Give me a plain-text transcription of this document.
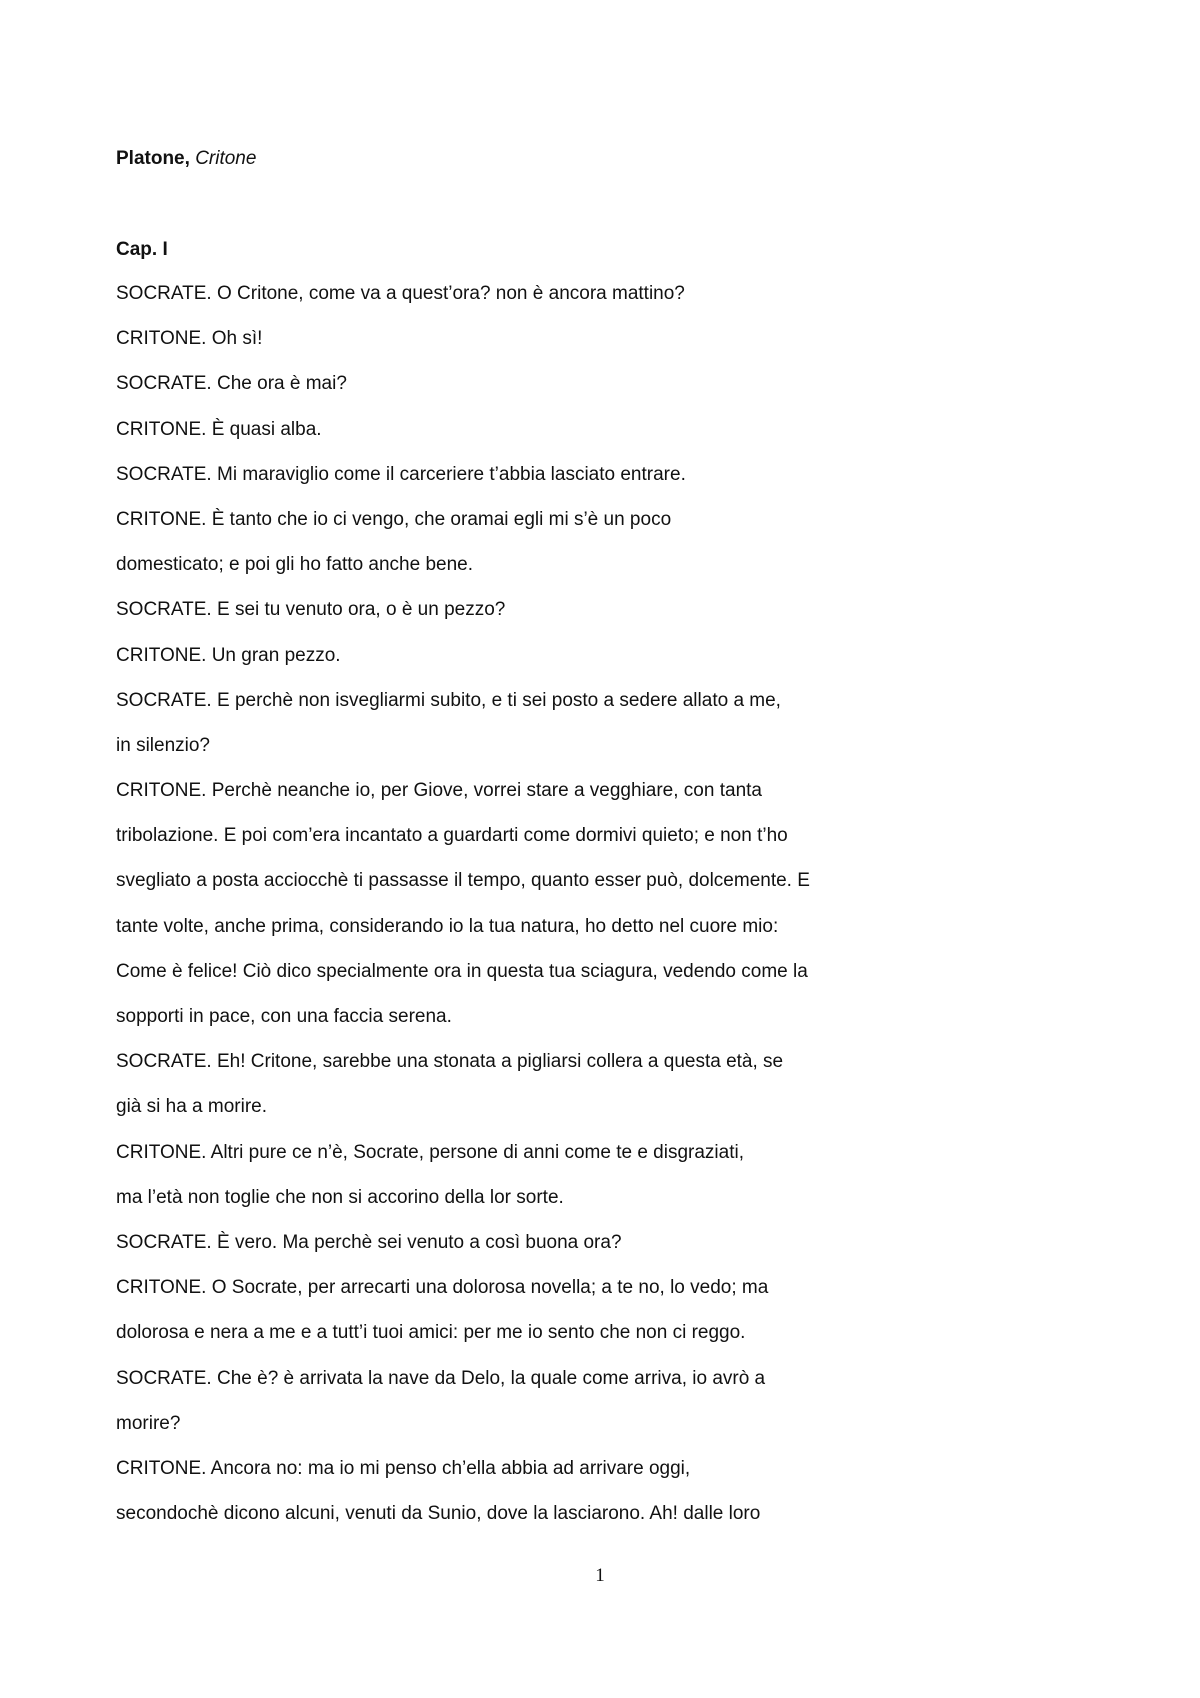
Platone, Critone
Cap. I
SOCRATE. O Critone, come va a quest’ora? non è ancora mattino?
CRITONE. Oh sì!
SOCRATE. Che ora è mai?
CRITONE. È quasi alba.
SOCRATE. Mi maraviglio come il carceriere t’abbia lasciato entrare.
CRITONE. È tanto che io ci vengo, che oramai egli mi s’è un poco
domesticato; e poi gli ho fatto anche bene.
SOCRATE. E sei tu venuto ora, o è un pezzo?
CRITONE. Un gran pezzo.
SOCRATE. E perchè non isvegliarmi subito, e ti sei posto a sedere allato a me,
in silenzio?
CRITONE. Perchè neanche io, per Giove, vorrei stare a vegghiare, con tanta
tribolazione. E poi com’era incantato a guardarti come dormivi quieto; e non t’ho
svegliato a posta acciocchè ti passasse il tempo, quanto esser può, dolcemente. E
tante volte, anche prima, considerando io la tua natura, ho detto nel cuore mio:
Come è felice! Ciò dico specialmente ora in questa tua sciagura, vedendo come la
sopporti in pace, con una faccia serena.
SOCRATE. Eh! Critone, sarebbe una stonata a pigliarsi collera a questa età, se
già si ha a morire.
CRITONE. Altri pure ce n’è, Socrate, persone di anni come te e disgraziati,
ma l’età non toglie che non si accorino della lor sorte.
SOCRATE. È vero. Ma perchè sei venuto a così buona ora?
CRITONE. O Socrate, per arrecarti una dolorosa novella; a te no, lo vedo; ma
dolorosa e nera a me e a tutt’i tuoi amici: per me io sento che non ci reggo.
SOCRATE. Che è? è arrivata la nave da Delo, la quale come arriva, io avrò a
morire?
CRITONE. Ancora no: ma io mi penso ch’ella abbia ad arrivare oggi,
secondochè dicono alcuni, venuti da Sunio, dove la lasciarono. Ah! dalle loro
1
